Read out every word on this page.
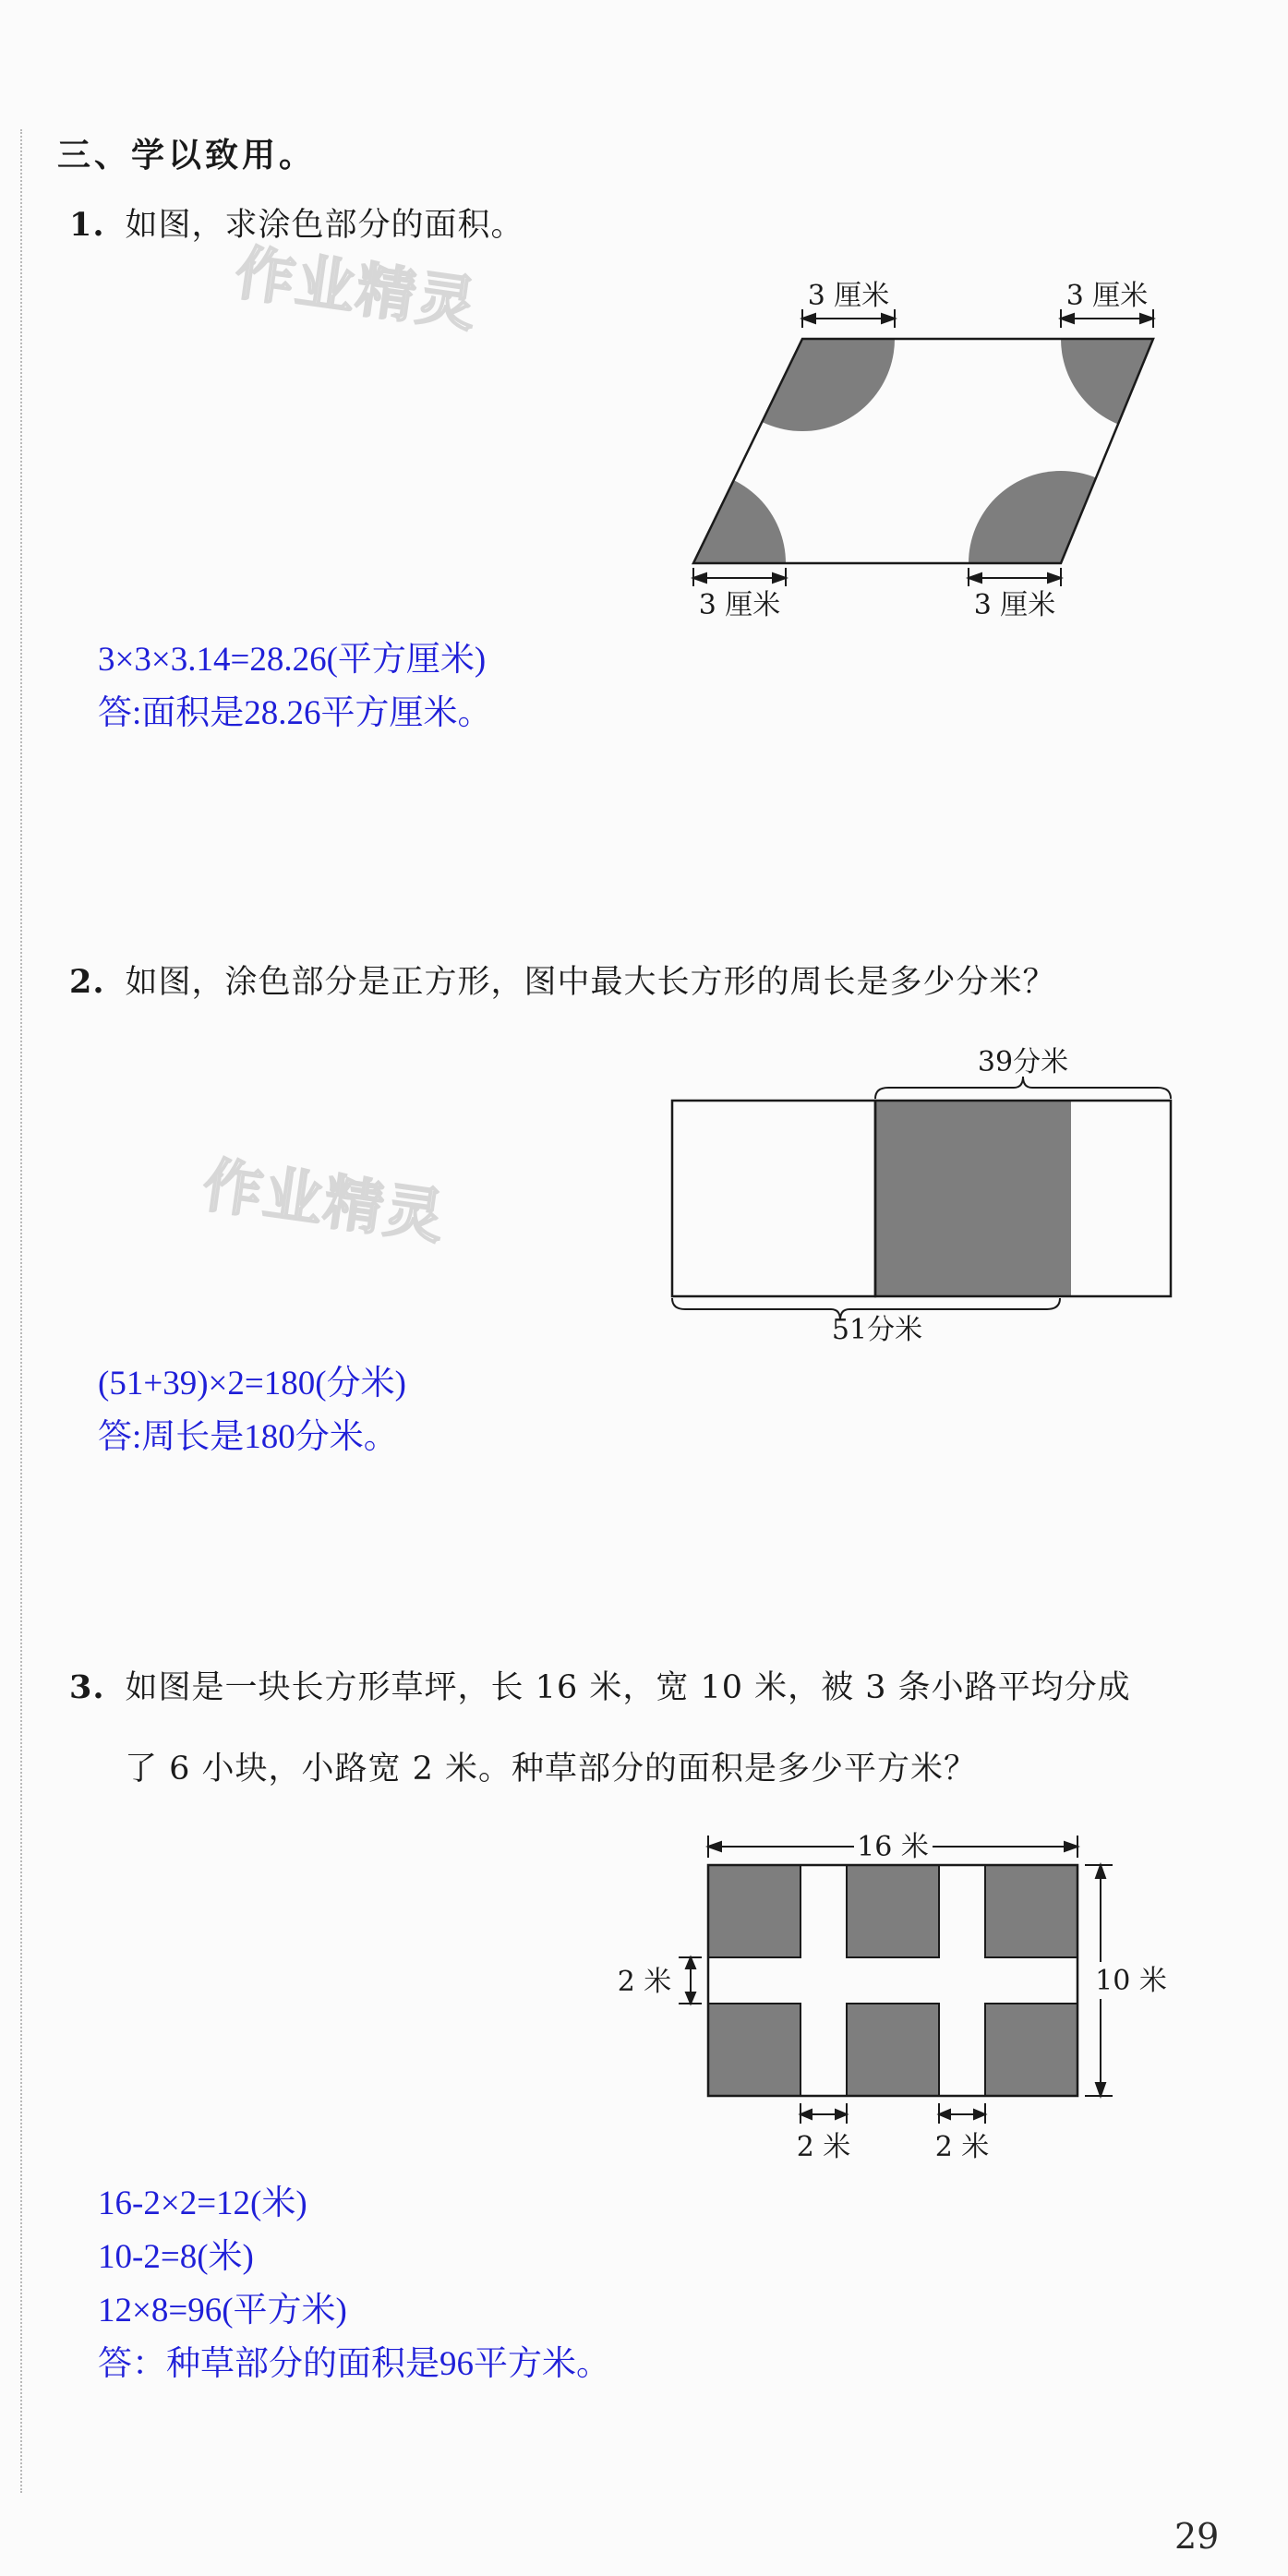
三、学以致用。
1. 如图，求涂色部分的面积。
作业精灵	3 厘米	3 厘米
3 厘米	3 厘米
3×3×3.14=28.26(平方厘米)
答:面积是28.26平方厘米。
2. 如图，涂色部分是正方形，图中最大长方形的周长是多少分米？
作业精灵
39分米
51分米
(51+39)×2=180(分米)
答:周长是180分米。
3. 如图是一块长方形草坪，长 16 米，宽 10 米，被 3 条小路平均分成
了 6 小块，小路宽 2 米。种草部分的面积是多少平方米？
16 米
10 米
2 米
2 米	2 米
16-2×2=12(米)
10-2=8(米)
12×8=96(平方米)
答：种草部分的面积是96平方米。
29
